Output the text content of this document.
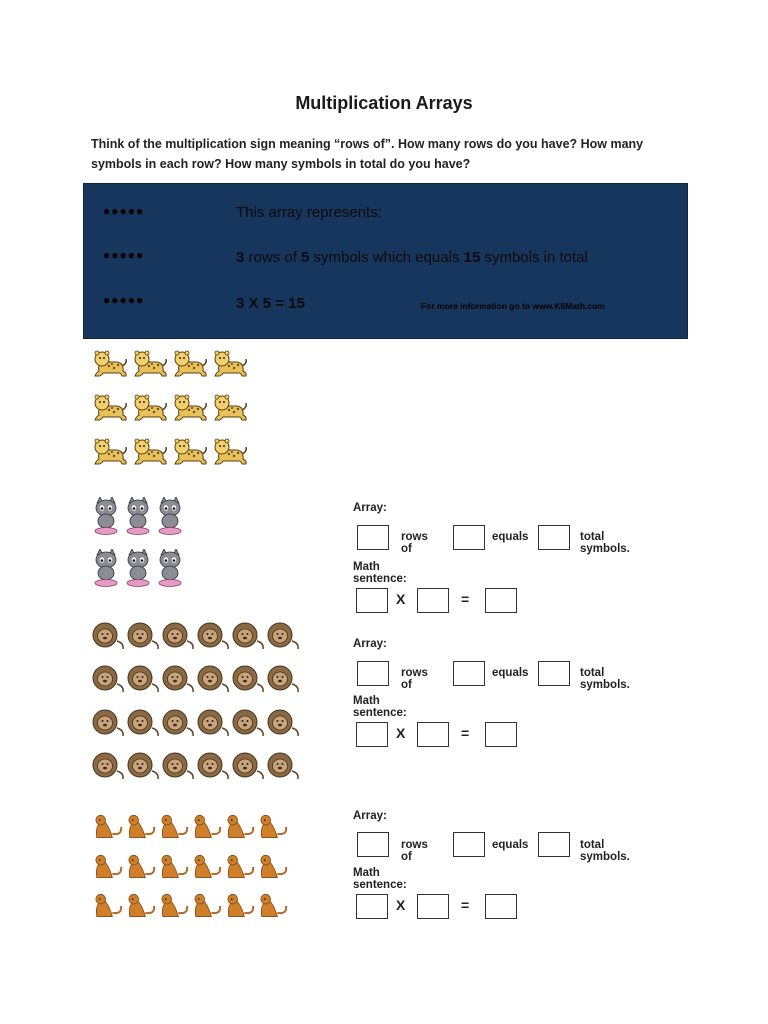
Multiplication Arrays
Think of the multiplication sign meaning “rows of”. How many rows do you have? How many symbols in each row? How many symbols in total do you have?
●●●●●
●●●●●
●●●●●
This array represents:
3 rows of 5 symbols which equals 15 symbols in total
3 X 5 = 15	For more information go to www.K6Math.com
Array:
rows of
equals	total symbols.
Math sentence:
X	=
Array:
rows of
equals	total symbols.
Math sentence:
X	=
Array:
rows of
equals	total symbols.
Math sentence:
X	=
